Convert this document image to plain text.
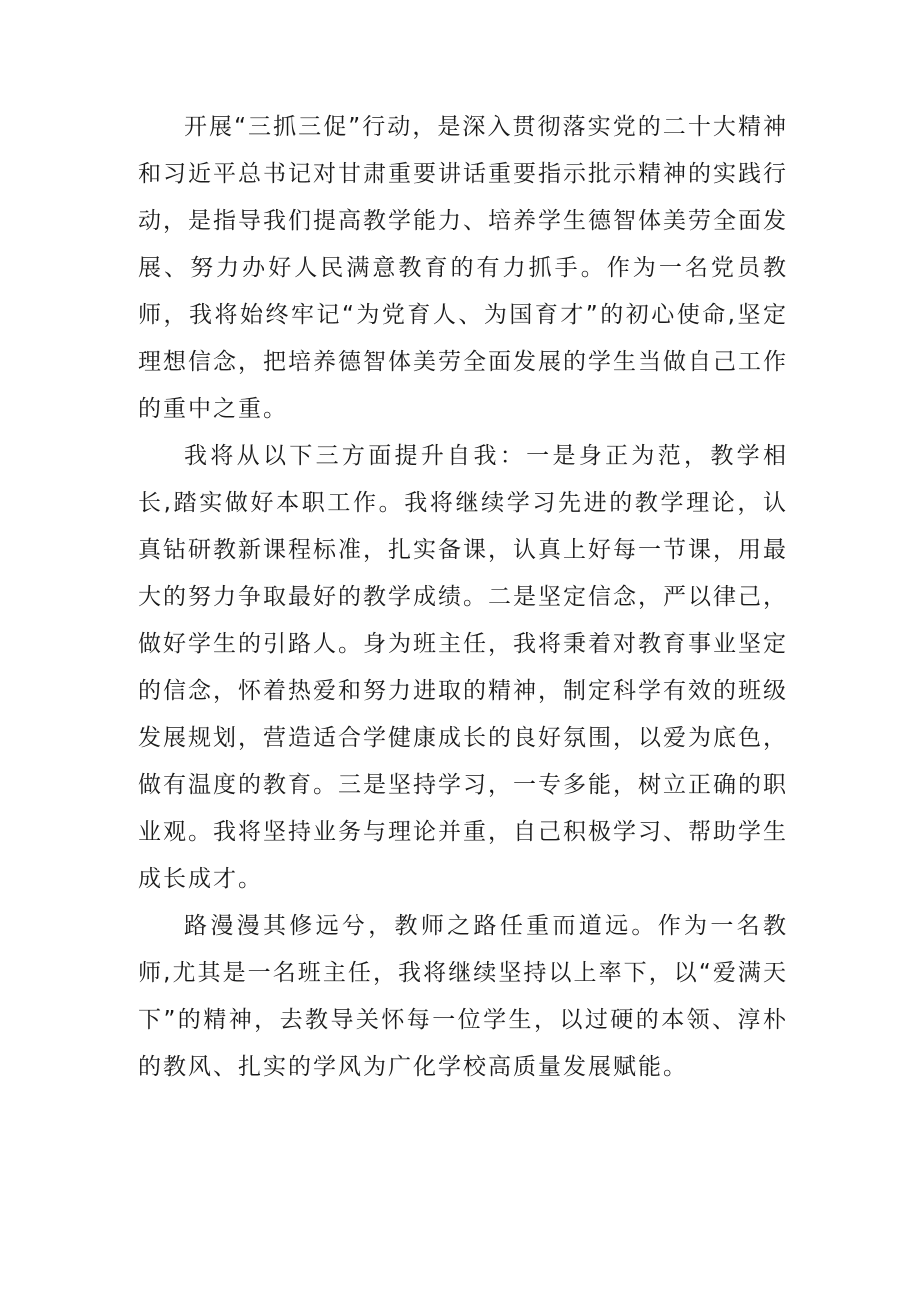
开展“三抓三促”行动，是深入贯彻落实党的二十大精神和习近平总书记对甘肃重要讲话重要指示批示精神的实践行动，是指导我们提高教学能力、培养学生德智体美劳全面发展、努力办好人民满意教育的有力抓手。作为一名党员教师，我将始终牢记“为党育人、为国育才”的初心使命,坚定理想信念，把培养德智体美劳全面发展的学生当做自己工作的重中之重。

我将从以下三方面提升自我：一是身正为范，教学相长,踏实做好本职工作。我将继续学习先进的教学理论，认真钻研教新课程标准，扎实备课，认真上好每一节课，用最大的努力争取最好的教学成绩。二是坚定信念，严以律己，做好学生的引路人。身为班主任，我将秉着对教育事业坚定的信念，怀着热爱和努力进取的精神，制定科学有效的班级发展规划，营造适合学健康成长的良好氛围，以爱为底色，做有温度的教育。三是坚持学习，一专多能，树立正确的职业观。我将坚持业务与理论并重，自己积极学习、帮助学生成长成才。

路漫漫其修远兮，教师之路任重而道远。作为一名教师,尤其是一名班主任，我将继续坚持以上率下，以“爱满天下”的精神，去教导关怀每一位学生，以过硬的本领、淳朴的教风、扎实的学风为广化学校高质量发展赋能。
